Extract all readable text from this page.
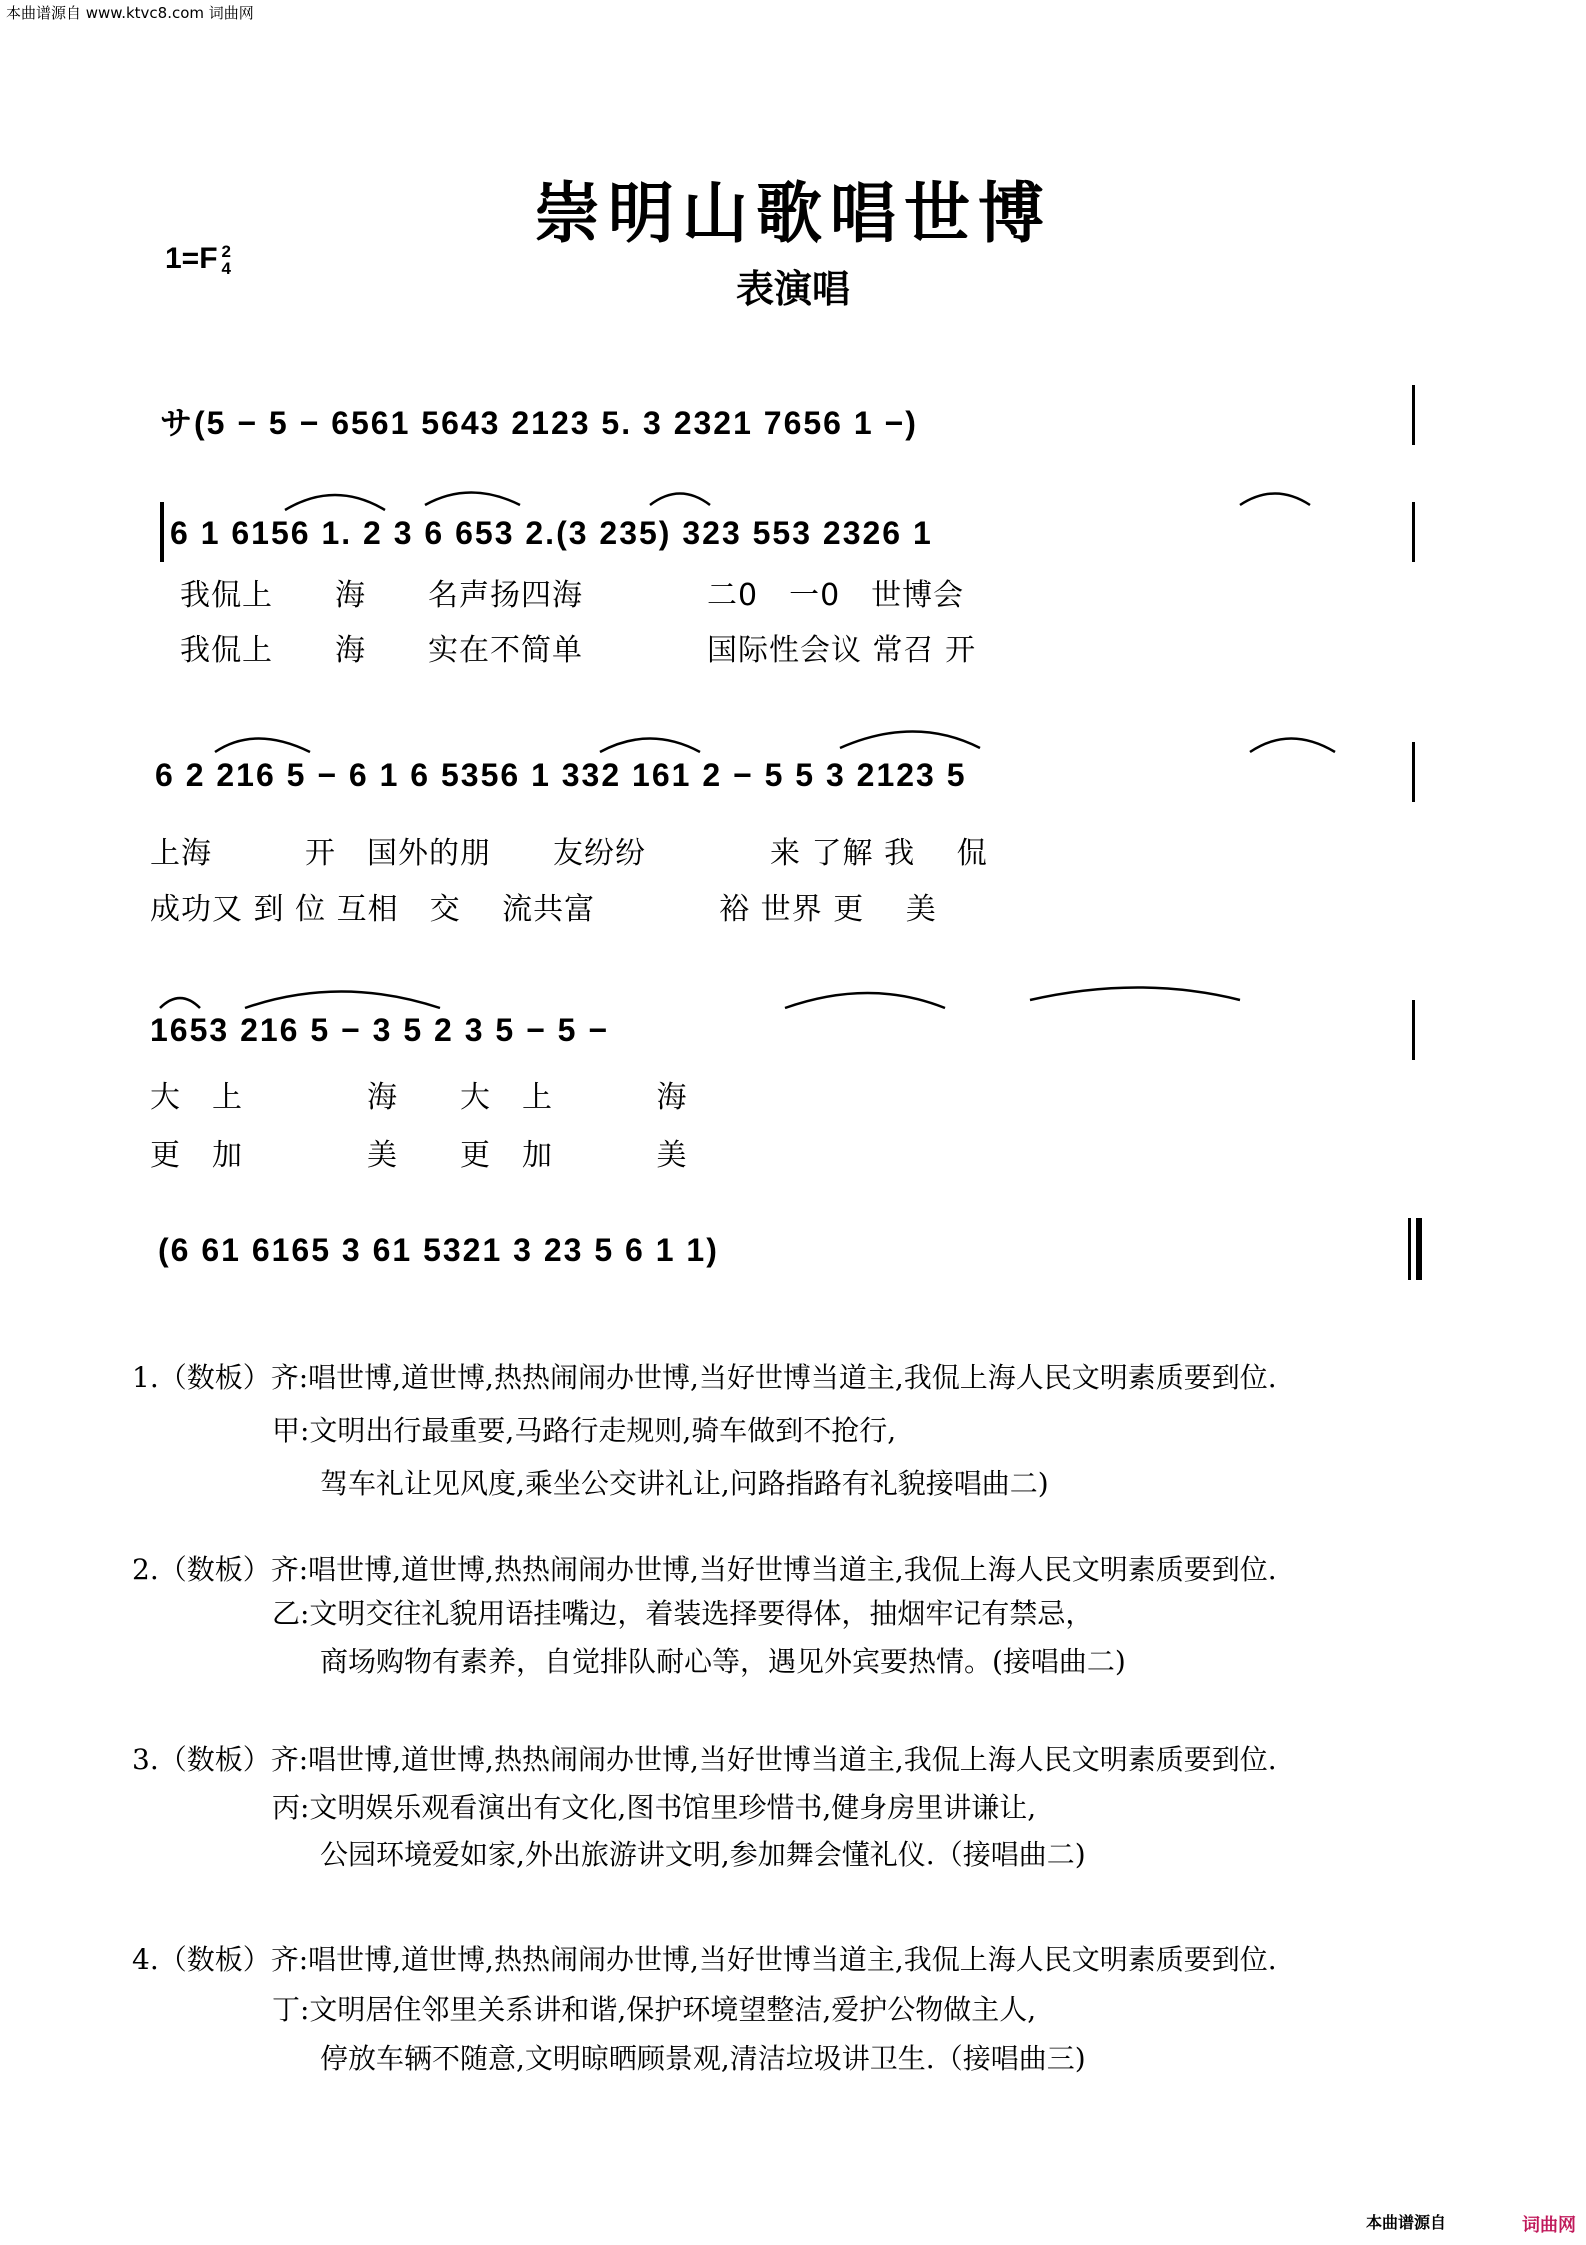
本曲谱源自 www.ktvc8.com 词曲网
崇明山歌唱世博
表演唱
1=F 2
4
サ(5 − 5 − 6561 5643 2123 5. 3 2321 7656 1 −)
6 1 6156 1. 2 3 6 653 2.(3 235) 323 553 2326 1
我侃上　　海　　名声扬四海　　　　二0　一0　世博会
我侃上　　海　　实在不简单　　　　国际性会议 常召 开
6 2 216 5 − 6 1 6 5356 1 332 161 2 − 5 5 3 2123 5
上海　　　开　国外的朋　　友纷纷　　　　来 了解 我　 侃
成功又 到 位 互相　交　 流共富　　　　裕 世界 更　 美
1653 216 5 − 3 5 2 3 5 − 5 −
大　上　　　　海　　大　上　　　 海
更　加　　　　美　　更　加　　　 美
(6 61 6165 3 61 5321 3 23 5 6 1 1)
1.（数板）齐:唱世博,道世博,热热闹闹办世博,当好世博当道主,我侃上海人民文明素质要到位.
甲:文明出行最重要,马路行走规则,骑车做到不抢行,
驾车礼让见风度,乘坐公交讲礼让,问路指路有礼貌接唱曲二)
2.（数板）齐:唱世博,道世博,热热闹闹办世博,当好世博当道主,我侃上海人民文明素质要到位.
乙:文明交往礼貌用语挂嘴边，着装选择要得体，抽烟牢记有禁忌，
商场购物有素养，自觉排队耐心等，遇见外宾要热情。(接唱曲二)
3.（数板）齐:唱世博,道世博,热热闹闹办世博,当好世博当道主,我侃上海人民文明素质要到位.
丙:文明娱乐观看演出有文化,图书馆里珍惜书,健身房里讲谦让,
公园环境爱如家,外出旅游讲文明,参加舞会懂礼仪.（接唱曲二)
4.（数板）齐:唱世博,道世博,热热闹闹办世博,当好世博当道主,我侃上海人民文明素质要到位.
丁:文明居住邻里关系讲和谐,保护环境望整洁,爱护公物做主人,
停放车辆不随意,文明晾晒顾景观,清洁垃圾讲卫生.（接唱曲三)
本曲谱源自	词曲网
